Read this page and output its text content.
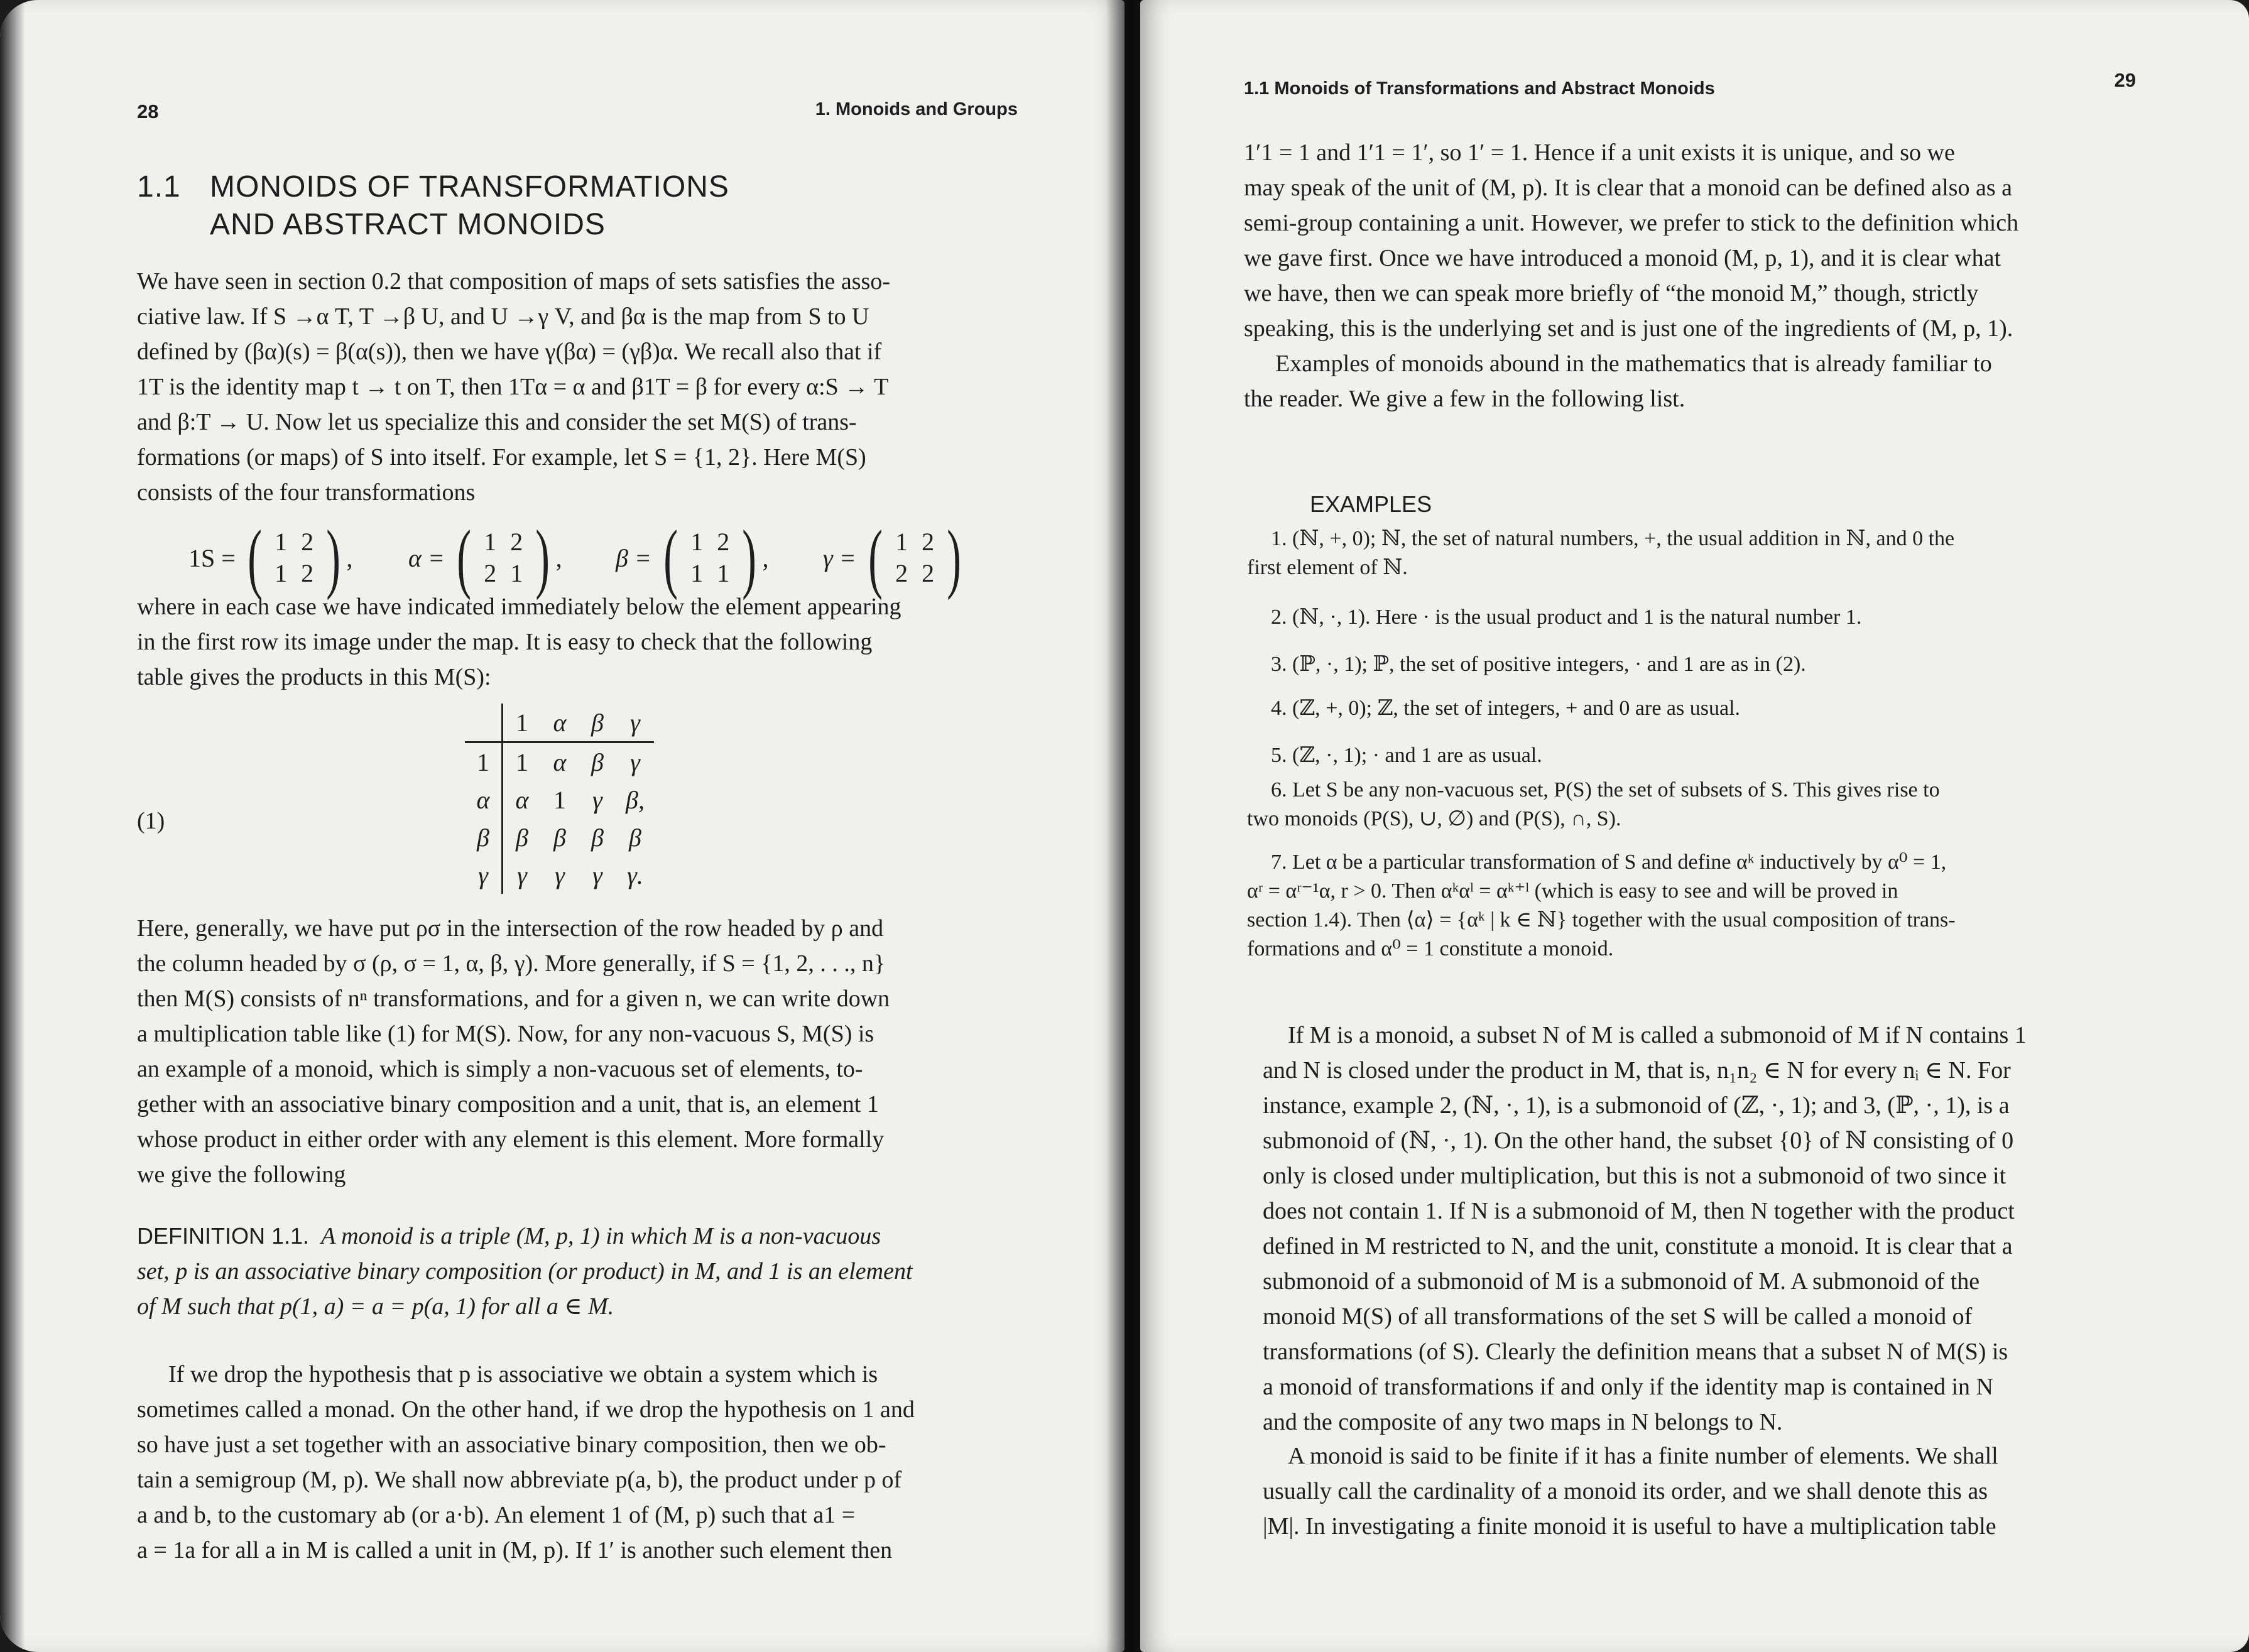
28	1. Monoids and Groups
1.1 MONOIDS OF TRANSFORMATIONS
AND ABSTRACT MONOIDS
We have seen in section 0.2 that composition of maps of sets satisfies the asso-
ciative law. If S →α T, T →β U, and U →γ V, and βα is the map from S to U
defined by (βα)(s) = β(α(s)), then we have γ(βα) = (γβ)α. We recall also that if
1T is the identity map t → t on T, then 1Tα = α and β1T = β for every α:S → T
and β:T → U. Now let us specialize this and consider the set M(S) of trans-
formations (or maps) of S into itself. For example, let S = {1, 2}. Here M(S)
consists of the four transformations
1S = ( 1 2
1 2 ) , α = ( 1 2
2 1 ) , β = ( 1 2
1 1 ) , γ = ( 1 2
2 2 )
where in each case we have indicated immediately below the element appearing
in the first row its image under the map. It is easy to check that the following
table gives the products in this M(S):
(1)
	1	α	β	γ
1	1	α	β	γ
α	α	1	γ	β,
β	β	β	β	β
γ	γ	γ	γ	γ.
Here, generally, we have put ρσ in the intersection of the row headed by ρ and
the column headed by σ (ρ, σ = 1, α, β, γ). More generally, if S = {1, 2, . . ., n}
then M(S) consists of nⁿ transformations, and for a given n, we can write down
a multiplication table like (1) for M(S). Now, for any non-vacuous S, M(S) is
an example of a monoid, which is simply a non-vacuous set of elements, to-
gether with an associative binary composition and a unit, that is, an element 1
whose product in either order with any element is this element. More formally
we give the following
DEFINITION 1.1. A monoid is a triple (M, p, 1) in which M is a non-vacuous
set, p is an associative binary composition (or product) in M, and 1 is an element
of M such that p(1, a) = a = p(a, 1) for all a ∈ M.
If we drop the hypothesis that p is associative we obtain a system which is
sometimes called a monad. On the other hand, if we drop the hypothesis on 1 and
so have just a set together with an associative binary composition, then we ob-
tain a semigroup (M, p). We shall now abbreviate p(a, b), the product under p of
a and b, to the customary ab (or a·b). An element 1 of (M, p) such that a1 =
a = 1a for all a in M is called a unit in (M, p). If 1′ is another such element then
1.1 Monoids of Transformations and Abstract Monoids	29
1′1 = 1 and 1′1 = 1′, so 1′ = 1. Hence if a unit exists it is unique, and so we
may speak of the unit of (M, p). It is clear that a monoid can be defined also as a
semi-group containing a unit. However, we prefer to stick to the definition which
we gave first. Once we have introduced a monoid (M, p, 1), and it is clear what
we have, then we can speak more briefly of “the monoid M,” though, strictly
speaking, this is the underlying set and is just one of the ingredients of (M, p, 1).
Examples of monoids abound in the mathematics that is already familiar to
the reader. We give a few in the following list.
EXAMPLES
1. (ℕ, +, 0); ℕ, the set of natural numbers, +, the usual addition in ℕ, and 0 the
first element of ℕ.
2. (ℕ, ·, 1). Here · is the usual product and 1 is the natural number 1.
3. (ℙ, ·, 1); ℙ, the set of positive integers, · and 1 are as in (2).
4. (ℤ, +, 0); ℤ, the set of integers, + and 0 are as usual.
5. (ℤ, ·, 1); · and 1 are as usual.
6. Let S be any non-vacuous set, P(S) the set of subsets of S. This gives rise to
two monoids (P(S), ∪, ∅) and (P(S), ∩, S).
7. Let α be a particular transformation of S and define αᵏ inductively by α⁰ = 1,
αʳ = αʳ⁻¹α, r > 0. Then αᵏαˡ = αᵏ⁺ˡ (which is easy to see and will be proved in
section 1.4). Then ⟨α⟩ = {αᵏ | k ∈ ℕ} together with the usual composition of trans-
formations and α⁰ = 1 constitute a monoid.
If M is a monoid, a subset N of M is called a submonoid of M if N contains 1
and N is closed under the product in M, that is, n₁n₂ ∈ N for every nᵢ ∈ N. For
instance, example 2, (ℕ, ·, 1), is a submonoid of (ℤ, ·, 1); and 3, (ℙ, ·, 1), is a
submonoid of (ℕ, ·, 1). On the other hand, the subset {0} of ℕ consisting of 0
only is closed under multiplication, but this is not a submonoid of two since it
does not contain 1. If N is a submonoid of M, then N together with the product
defined in M restricted to N, and the unit, constitute a monoid. It is clear that a
submonoid of a submonoid of M is a submonoid of M. A submonoid of the
monoid M(S) of all transformations of the set S will be called a monoid of
transformations (of S). Clearly the definition means that a subset N of M(S) is
a monoid of transformations if and only if the identity map is contained in N
and the composite of any two maps in N belongs to N.
A monoid is said to be finite if it has a finite number of elements. We shall
usually call the cardinality of a monoid its order, and we shall denote this as
|M|. In investigating a finite monoid it is useful to have a multiplication table
